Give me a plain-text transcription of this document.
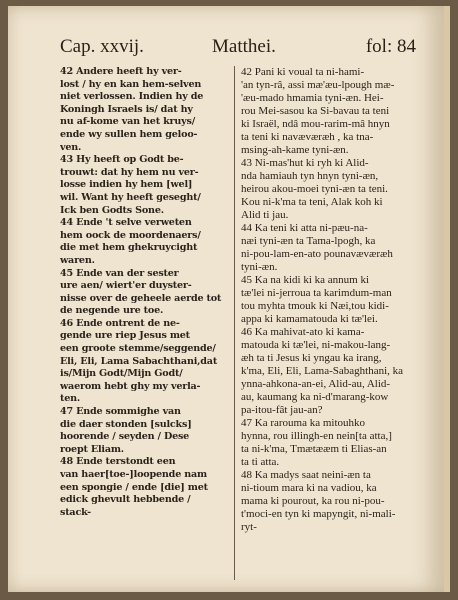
Cap. xxvij.	Matthei.	fol: 84
42 Andere heeft hy ver-
lost / hy en kan hem-selven
niet verlossen. Indien hy de
Koningh Israels is/ dat hy
nu af-kome van het kruys/
ende wy sullen hem geloo-
ven.
43 Hy heeft op Godt be-
trouwt: dat hy hem nu ver-
losse indien hy hem [wel]
wil. Want hy heeft geseght/
Ick ben Godts Sone.
44 Ende 't selve verweten
hem oock de moordenaers/
die met hem ghekruycight
waren.
45 Ende van der sester
ure aen/ wiert'er duyster-
nisse over de geheele aerde tot
de negende ure toe.
46 Ende ontrent de ne-
gende ure riep Jesus met
een groote stemme/seggende/
Eli, Eli, Lama Sabachthani,dat
is/Mijn Godt/Mijn Godt/
waerom hebt ghy my verla-
ten.
47 Ende sommighe van
die daer stonden [sulcks]
hoorende / seyden / Dese
roept Eliam.
48 Ende terstondt een
van haer[toe-]loopende nam
een spongie / ende [die] met
edick ghevult hebbende /
stack-
42 Pani ki voual ta ni-hami-
'an tyn-râ, assi mæ'æu-lpough mæ-
'æu-mado hmamia tyni-æn. Hei-
rou Mei-sasou ka Si-bavau ta teni
ki Israël, ndâ mou-rarim-mâ hnyn
ta teni ki navæværæh , ka tna-
msing-ah-kame tyni-æn.
43 Ni-mas'hut ki ryh ki Alid-
nda hamiauh tyn hnyn tyni-æn,
heirou akou-moei tyni-æn ta teni.
Kou ni-k'ma ta teni, Alak koh ki
Alid ti jau.
44 Ka teni ki atta ni-pæu-na-
næi tyni-æn ta Tama-lpogh, ka
ni-pou-lam-en-ato pounavæværæh
tyni-æn.
45 Ka na kidi ki ka annum ki
tæ'lei ni-jerroua ta karimdum-man
tou myhta tmouk ki Næi,tou kidi-
appa ki kamamatouda ki tæ'lei.
46 Ka mahivat-ato ki kama-
matouda ki tæ'lei, ni-makou-lang-
æh ta ti Jesus ki yngau ka irang,
k'ma, Eli, Eli, Lama-Sabaghthani, ka
ynna-ahkona-an-ei, Alid-au, Alid-
au, kaumang ka ni-d'marang-kow
pa-itou-fât jau-an?
47 Ka rarouma ka mitouhko
hynna, rou illingh-en nein[ta atta,]
ta ni-k'ma, Tmætææm ti Elias-an
ta ti atta.
48 Ka madys saat neini-æn ta
ni-tioum mara ki na vadiou, ka
mama ki pourout, ka rou ni-pou-
t'moci-en tyn ki mapyngit, ni-mali-
ryt-
